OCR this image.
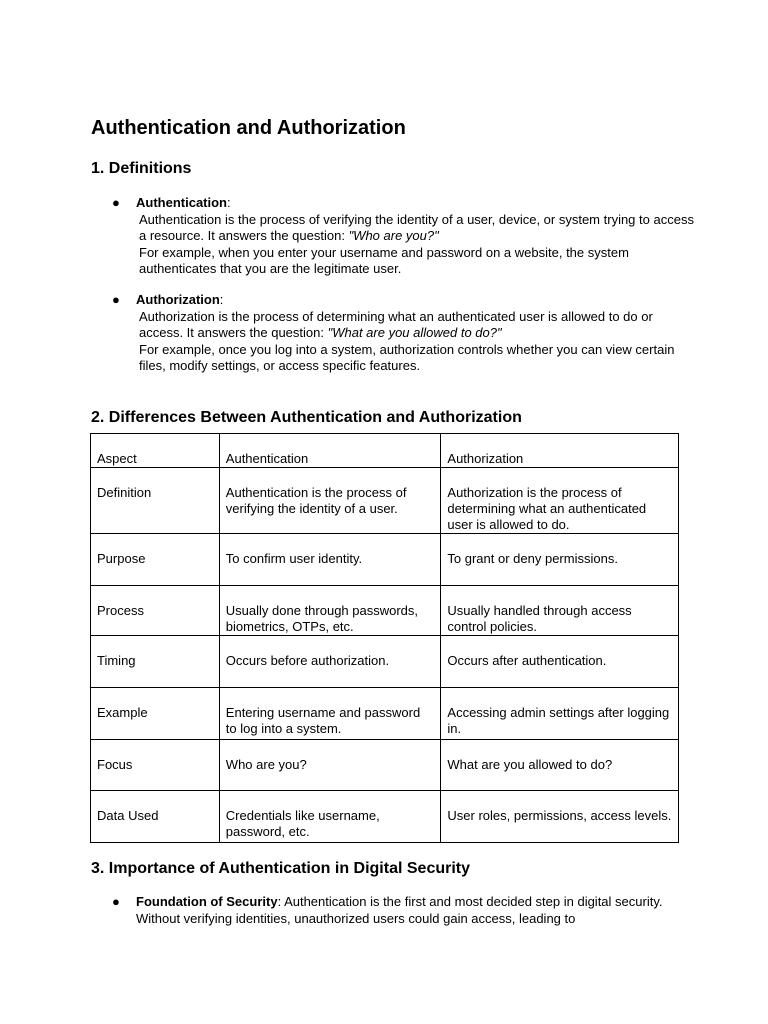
Authentication and Authorization
1. Definitions
● Authentication:

Authentication is the process of verifying the identity of a user, device, or system trying to access a resource. It answers the question: "Who are you?"

For example, when you enter your username and password on a website, the system authenticates that you are the legitimate user.

● Authorization:

Authorization is the process of determining what an authenticated user is allowed to do or access. It answers the question: "What are you allowed to do?"

For example, once you log into a system, authorization controls whether you can view certain files, modify settings, or access specific features.

2. Differences Between Authentication and Authorization
Aspect	Authentication	Authorization
Definition	Authentication is the process of verifying the identity of a user.	Authorization is the process of determining what an authenticated user is allowed to do.
Purpose	To confirm user identity.	To grant or deny permissions.
Process	Usually done through passwords, biometrics, OTPs, etc.	Usually handled through access control policies.
Timing	Occurs before authorization.	Occurs after authentication.
Example	Entering username and password to log into a system.	Accessing admin settings after logging in.
Focus	Who are you?	What are you allowed to do?
Data Used	Credentials like username, password, etc.	User roles, permissions, access levels.
3. Importance of Authentication in Digital Security
● Foundation of Security: Authentication is the first and most decided step in digital security. Without verifying identities, unauthorized users could gain access, leading to
